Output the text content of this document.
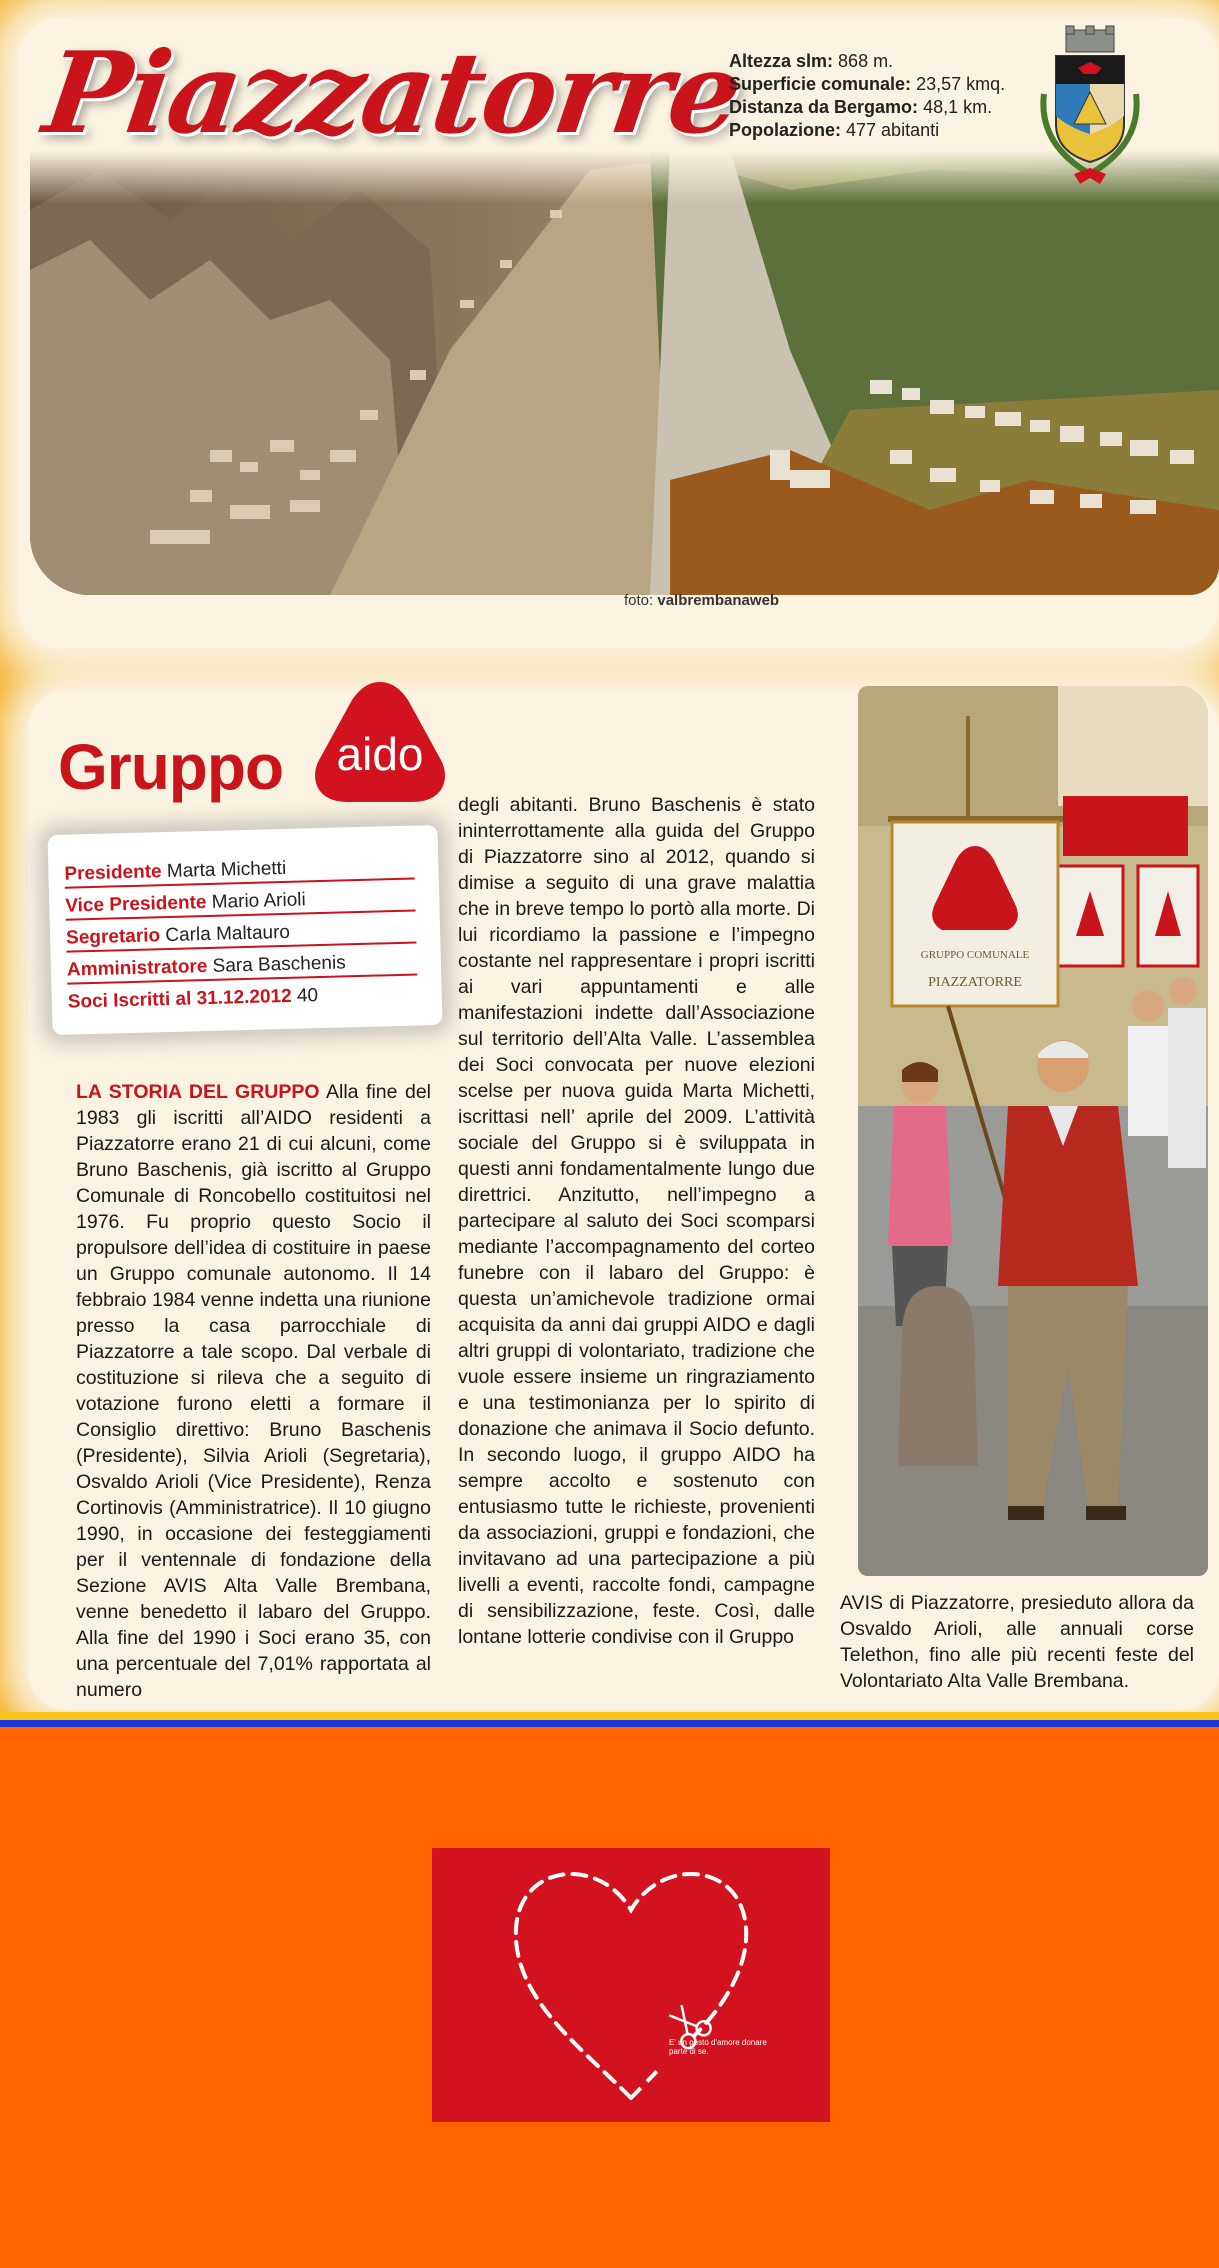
Piazzatorre
Altezza slm: 868 m.
Superficie comunale: 23,57 kmq.
Distanza da Bergamo: 48,1 km.
Popolazione: 477 abitanti
foto: valbrembanaweb
Gruppo aido
Presidente Marta Michetti
Vice Presidente Mario Arioli
Segretario Carla Maltauro
Amministratore Sara Baschenis
Soci Iscritti al 31.12.2012 40
LA STORIA DEL GRUPPO Alla fine del 1983 gli iscritti all’AIDO residenti a Piazzatorre erano 21 di cui alcuni, come Bruno Baschenis, già iscritto al Gruppo Comunale di Roncobello costituitosi nel 1976. Fu proprio questo Socio il propulsore dell’idea di costituire in paese un Gruppo comunale autonomo. Il 14 febbraio 1984 venne indetta una riunione presso la casa parrocchiale di Piazzatorre a tale scopo. Dal verbale di costituzione si rileva che a seguito di votazione furono eletti a formare il Consiglio direttivo: Bruno Baschenis (Presidente), Silvia Arioli (Segretaria), Osvaldo Arioli (Vice Presidente), Renza Cortinovis (Amministratrice). Il 10 giugno 1990, in occasione dei festeggiamenti per il ventennale di fondazione della Sezione AVIS Alta Valle Brembana, venne benedetto il labaro del Gruppo. Alla fine del 1990 i Soci erano 35, con una percentuale del 7,01% rapportata al numero
degli abitanti. Bruno Baschenis è stato ininterrottamente alla guida del Gruppo di Piazzatorre sino al 2012, quando si dimise a seguito di una grave malattia che in breve tempo lo portò alla morte. Di lui ricordiamo la passione e l’impegno costante nel rappresentare i propri iscritti ai vari appuntamenti e alle manifestazioni indette dall’Associazione sul territorio dell’Alta Valle. L’assemblea dei Soci convocata per nuove elezioni scelse per nuova guida Marta Michetti, iscrittasi nell’ aprile del 2009. L’attività sociale del Gruppo si è sviluppata in questi anni fondamentalmente lungo due direttrici. Anzitutto, nell’impegno a partecipare al saluto dei Soci scomparsi mediante l’accompagnamento del corteo funebre con il labaro del Gruppo: è questa un’amichevole tradizione ormai acquisita da anni dai gruppi AIDO e dagli altri gruppi di volontariato, tradizione che vuole essere insieme un ringraziamento e una testimonianza per lo spirito di donazione che animava il Socio defunto. In secondo luogo, il gruppo AIDO ha sempre accolto e sostenuto con entusiasmo tutte le richieste, provenienti da associazioni, gruppi e fondazioni, che invitavano ad una partecipazione a più livelli a eventi, raccolte fondi, campagne di sensibilizzazione, feste. Così, dalle lontane lotterie condivise con il Gruppo
GRUPPO COMUNALE
PIAZZATORRE
AVIS di Piazzatorre, presieduto allora da Osvaldo Arioli, alle annuali corse Telethon, fino alle più recenti feste del Volontariato Alta Valle Brembana.
E' un gesto d'amore donare parte di se.
